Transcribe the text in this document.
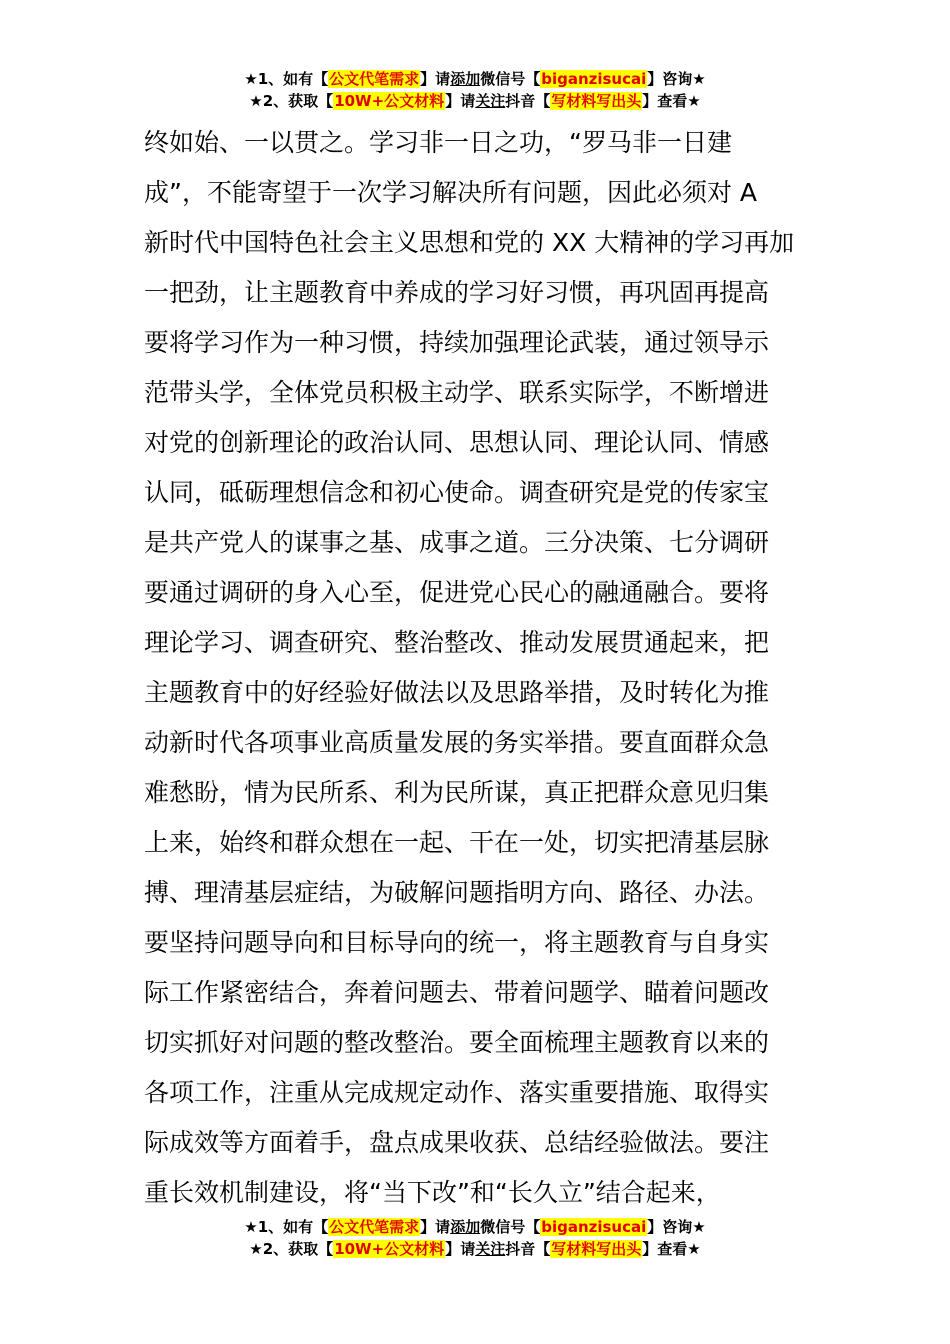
★1、如有【公文代笔需求】请添加微信号【biganzisucai】咨询★
★2、获取【10W+公文材料】请关注抖音【写材料写出头】查看★
终如始、一以贯之。学习非一日之功，“罗马非一日建
成”，不能寄望于一次学习解决所有问题，因此必须对 A
新时代中国特色社会主义思想和党的 XX 大精神的学习再加
一把劲，让主题教育中养成的学习好习惯，再巩固再提高
要将学习作为一种习惯，持续加强理论武装，通过领导示
范带头学，全体党员积极主动学、联系实际学，不断增进
对党的创新理论的政治认同、思想认同、理论认同、情感
认同，砥砺理想信念和初心使命。调查研究是党的传家宝
是共产党人的谋事之基、成事之道。三分决策、七分调研
要通过调研的身入心至，促进党心民心的融通融合。要将
理论学习、调查研究、整治整改、推动发展贯通起来，把
主题教育中的好经验好做法以及思路举措，及时转化为推
动新时代各项事业高质量发展的务实举措。要直面群众急
难愁盼，情为民所系、利为民所谋，真正把群众意见归集
上来，始终和群众想在一起、干在一处，切实把清基层脉
搏、理清基层症结，为破解问题指明方向、路径、办法。
要坚持问题导向和目标导向的统一，将主题教育与自身实
际工作紧密结合，奔着问题去、带着问题学、瞄着问题改
切实抓好对问题的整改整治。要全面梳理主题教育以来的
各项工作，注重从完成规定动作、落实重要措施、取得实
际成效等方面着手，盘点成果收获、总结经验做法。要注
重长效机制建设，将“当下改”和“长久立”结合起来，
★1、如有【公文代笔需求】请添加微信号【biganzisucai】咨询★
★2、获取【10W+公文材料】请关注抖音【写材料写出头】查看★
